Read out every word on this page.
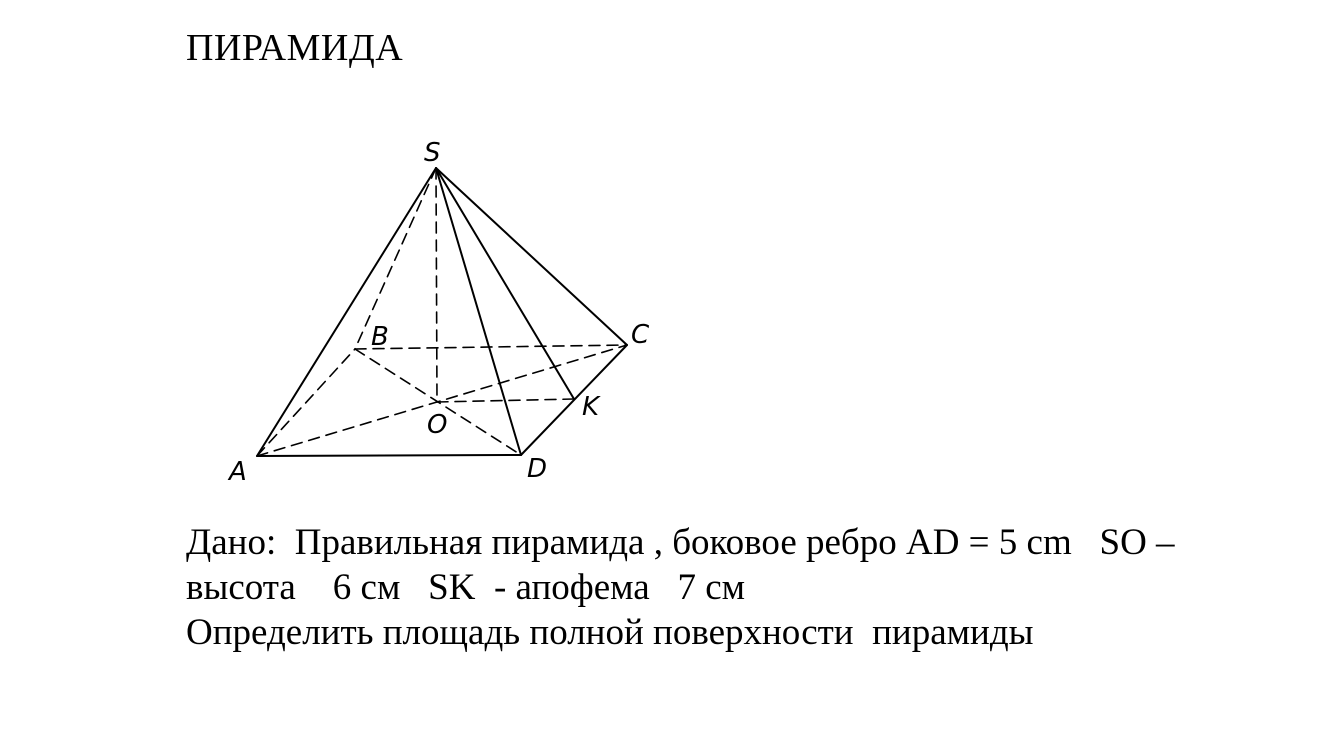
ПИРАМИДА
S
A
B	C
D
O
K
Дано:  Правильная пирамида , боковое ребро AD = 5 cm   SO –
высота    6 см   SK  - апофема   7 см
Определить площадь полной поверхности  пирамиды
